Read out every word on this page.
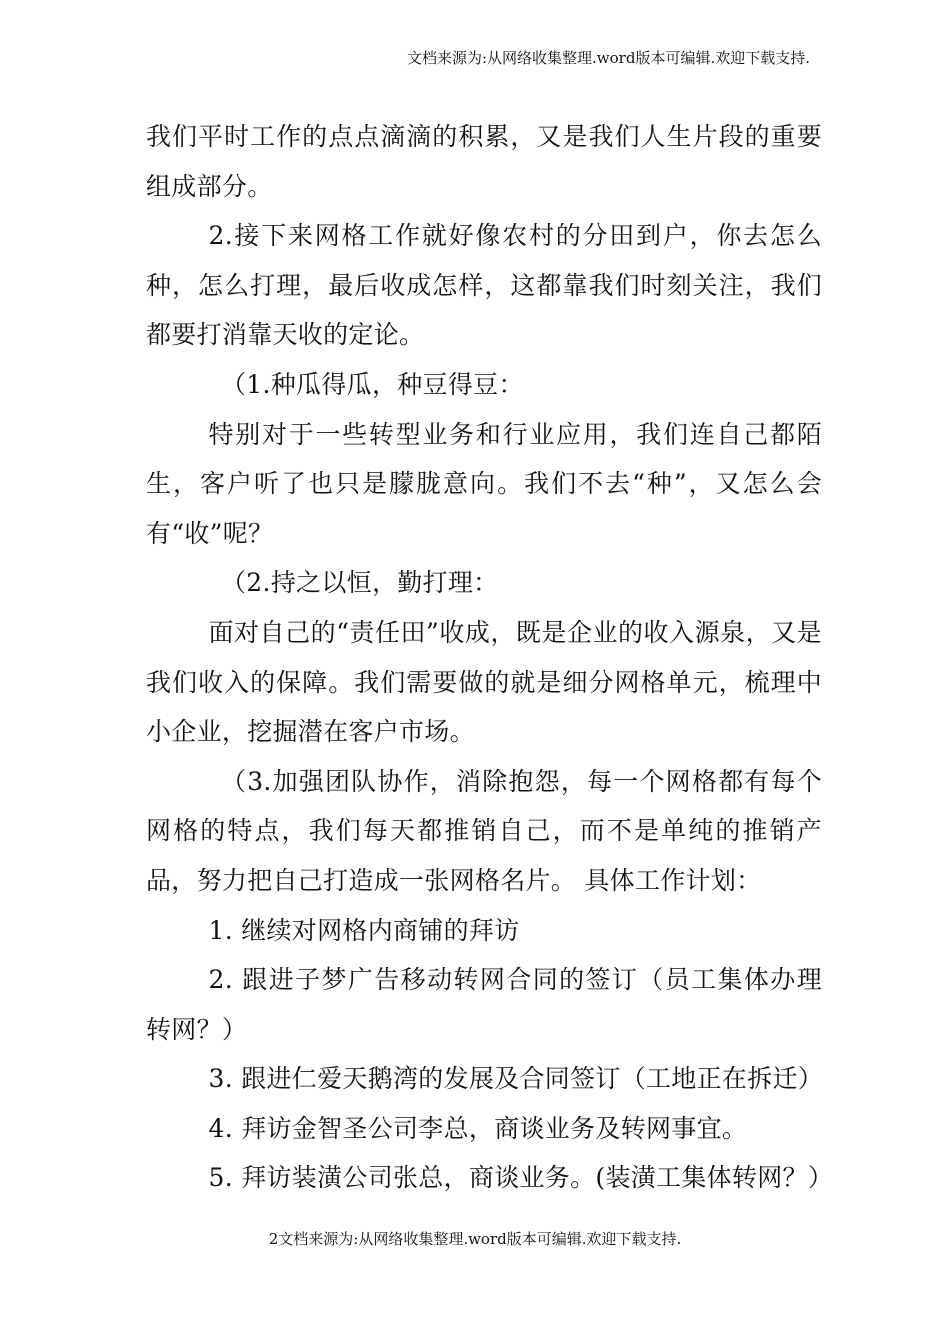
文档来源为:从网络收集整理.word版本可编辑.欢迎下载支持.

我们平时工作的点点滴滴的积累，又是我们人生片段的重要组成部分。

2.接下来网格工作就好像农村的分田到户，你去怎么种，怎么打理，最后收成怎样，这都靠我们时刻关注，我们都要打消靠天收的定论。

（1.种瓜得瓜，种豆得豆：

特别对于一些转型业务和行业应用，我们连自己都陌生，客户听了也只是朦胧意向。我们不去“种”，又怎么会有“收”呢？

（2.持之以恒，勤打理：

面对自己的“责任田”收成，既是企业的收入源泉，又是我们收入的保障。我们需要做的就是细分网格单元，梳理中小企业，挖掘潜在客户市场。

（3.加强团队协作，消除抱怨，每一个网格都有每个网格的特点，我们每天都推销自己，而不是单纯的推销产品，努力把自己打造成一张网格名片。 具体工作计划：

1. 继续对网格内商铺的拜访

2. 跟进子梦广告移动转网合同的签订（员工集体办理转网？）

3. 跟进仁爱天鹅湾的发展及合同签订（工地正在拆迁）

4. 拜访金智圣公司李总，商谈业务及转网事宜。

5. 拜访装潢公司张总，商谈业务。(装潢工集体转网？）

2文档来源为:从网络收集整理.word版本可编辑.欢迎下载支持.
